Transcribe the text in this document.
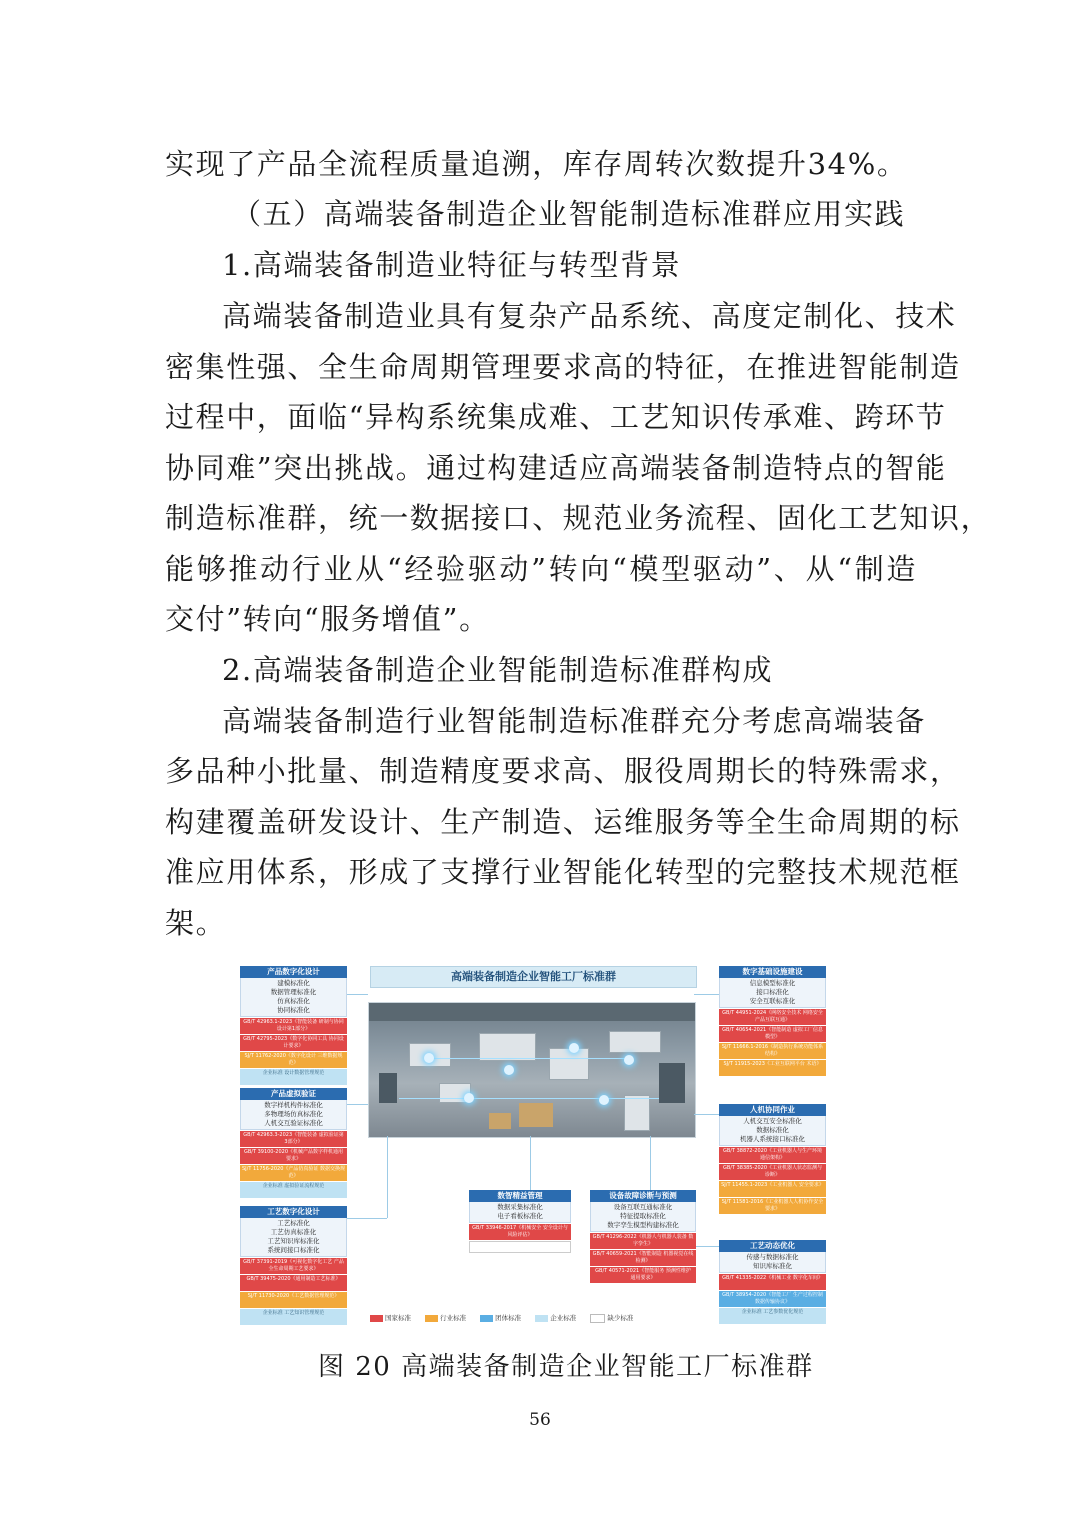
实现了产品全流程质量追溯，库存周转次数提升34%。
（五）高端装备制造企业智能制造标准群应用实践
1.高端装备制造业特征与转型背景
高端装备制造业具有复杂产品系统、高度定制化、技术
密集性强、全生命周期管理要求高的特征，在推进智能制造
过程中，面临“异构系统集成难、工艺知识传承难、跨环节
协同难”突出挑战。通过构建适应高端装备制造特点的智能
制造标准群，统一数据接口、规范业务流程、固化工艺知识，
能够推动行业从“经验驱动”转向“模型驱动”、从“制造
交付”转向“服务增值”。
2.高端装备制造企业智能制造标准群构成
高端装备制造行业智能制造标准群充分考虑高端装备
多品种小批量、制造精度要求高、服役周期长的特殊需求，
构建覆盖研发设计、生产制造、运维服务等全生命周期的标
准应用体系，形成了支撑行业智能化转型的完整技术规范框
架。
高端装备制造企业智能工厂标准群
产品数字化设计
建模标准化
数据管理标准化
仿真标准化
协同标准化
GB/T 42963.1-2023《智能装备 研制与协同设计第1部分》
GB/T 42795-2023《数字化协同工具 协同设计要求》
SJ/T 11762-2020《数字化设计 三维数据规范》
企业标准 设计数据管理规范
产品虚拟验证
数字样机构件标准化
多物理场仿真标准化
人机交互验证标准化
GB/T 42963.3-2023《智能装备 虚拟验证第3部分》
GB/T 39100-2020《机械产品数字样机通用要求》
SJ/T 11756-2020《产品仿真验证 数据交换规范》
企业标准 虚拟验证流程规范
工艺数字化设计
工艺标准化
工艺仿真标准化
工艺知识库标准化
系统间接口标准化
GB/T 37391-2019《可视化数字化工艺 产品全生命周期工艺要求》
GB/T 39475-2020《通用制造工艺标准》
SJ/T 11730-2020《工艺数据管理规范》
企业标准 工艺知识管理规范
数字基础设施建设
信息模型标准化
接口标准化
安全互联标准化
GB/T 44951-2024《网络安全技术 网络安全产品互联互通》
GB/T 40654-2021《智能制造 虚拟工厂信息模型》
SJ/T 11666.1-2016《制造执行系统功能体系结构》
SJ/T 11915-2023《工业互联网平台 术语》
人机协同作业
人机交互安全标准化
数据标准化
机器人系统接口标准化
GB/T 38872-2020《工业机器人与生产环境通信架构》
GB/T 38385-2020《工业机器人状态监测与诊断》
SJ/T 11455.1-2023《工业机器人 安全要求》
SJ/T 11581-2016《工业机器人人机协作安全要求》
工艺动态优化
传感与数据标准化
知识库标准化
GB/T 41335-2022《机械工业 数字化车间》
GB/T 38954-2020《智能工厂 生产过程控制数据传输协议》
企业标准 工艺参数优化规范
数智精益管理
数据采集标准化
电子看板标准化
GB/T 33946-2017《机械安全 安全设计与风险评估》
设备故障诊断与预测
设备互联互通标准化
特征提取标准化
数字孪生模型构建标准化
GB/T 41296-2022《机器人与机器人装备 数字孪生》
GB/T 40659-2021《智能制造 机器视觉在线检测》
GB/T 40571-2021《智能服务 预测性维护 通用要求》
国家标准	行业标准	团体标准	企业标准	缺少标准
图 20 高端装备制造企业智能工厂标准群
56
